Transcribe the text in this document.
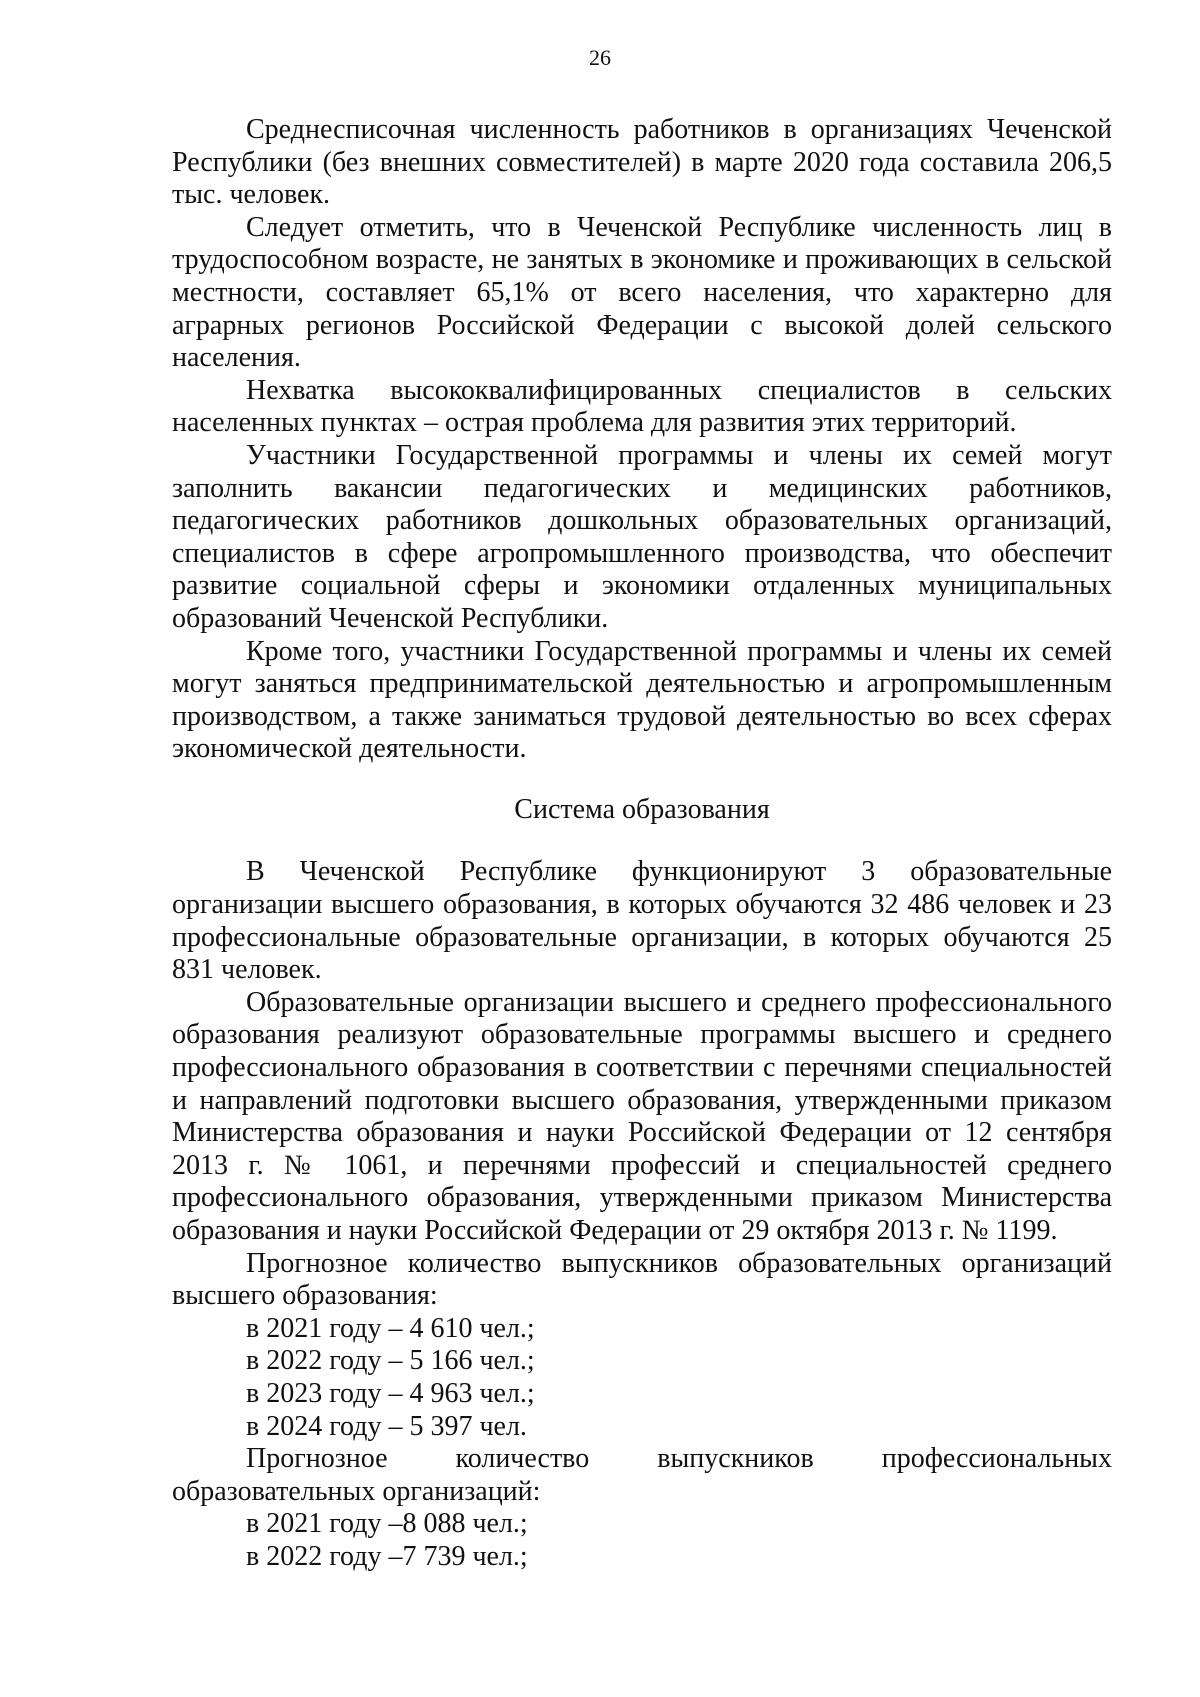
26

Среднесписочная численность работников в организациях Чеченской Республики (без внешних совместителей) в марте 2020 года составила 206,5 тыс. человек.

Следует отметить, что в Чеченской Республике численность лиц в трудоспособном возрасте, не занятых в экономике и проживающих в сельской местности, составляет 65,1% от всего населения, что характерно для аграрных регионов Российской Федерации с высокой долей сельского населения.

Нехватка высококвалифицированных специалистов в сельских населенных пунктах – острая проблема для развития этих территорий.

Участники Государственной программы и члены их семей могут заполнить вакансии педагогических и медицинских работников, педагогических работников дошкольных образовательных организаций, специалистов в сфере агропромышленного производства, что обеспечит развитие социальной сферы и экономики отдаленных муниципальных образований Чеченской Республики.

Кроме того, участники Государственной программы и члены их семей могут заняться предпринимательской деятельностью и агропромышленным производством, а также заниматься трудовой деятельностью во всех сферах экономической деятельности.

Система образования

В Чеченской Республике функционируют 3 образовательные организации высшего образования, в которых обучаются 32 486 человек и 23 профессиональные образовательные организации, в которых обучаются 25 831 человек.

Образовательные организации высшего и среднего профессионального образования реализуют образовательные программы высшего и среднего профессионального образования в соответствии с перечнями специальностей и направлений подготовки высшего образования, утвержденными приказом Министерства образования и науки Российской Федерации от 12 сентября 2013 г. № 1061, и перечнями профессий и специальностей среднего профессионального образования, утвержденными приказом Министерства образования и науки Российской Федерации от 29 октября 2013 г. № 1199.

Прогнозное количество выпускников образовательных организаций высшего образования:

в 2021 году – 4 610 чел.;
в 2022 году – 5 166 чел.;
в 2023 году – 4 963 чел.;
в 2024 году – 5 397 чел.

Прогнозное количество выпускников профессиональных образовательных организаций:

в 2021 году –8 088 чел.;
в 2022 году –7 739 чел.;
